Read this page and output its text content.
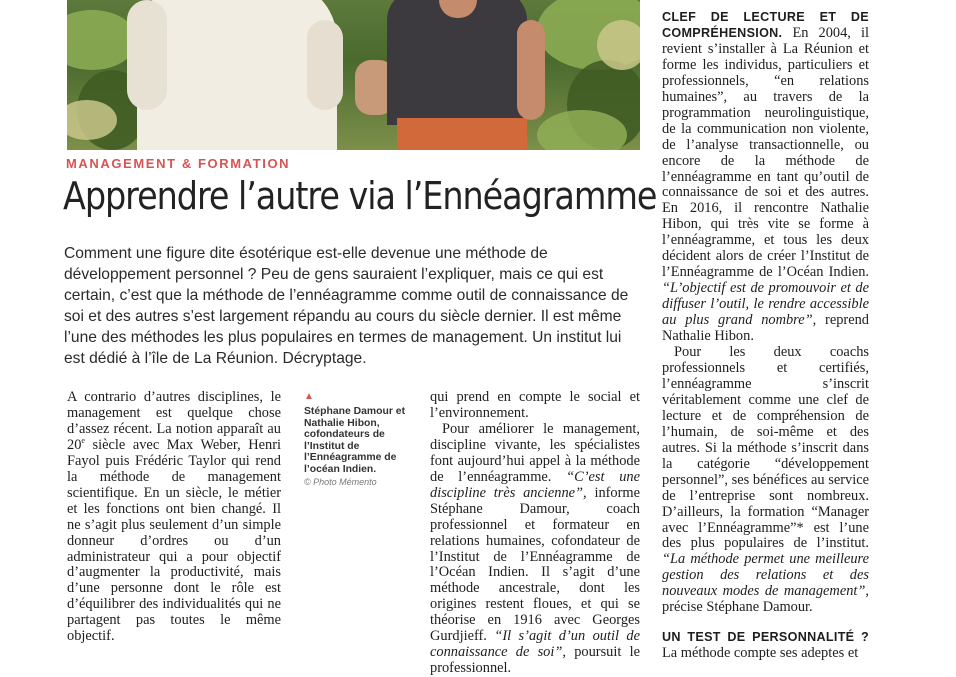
MANAGEMENT & FORMATION
Apprendre l’autre via l’Ennéagramme
Comment une figure dite ésotérique est-elle devenue une méthode de développement personnel ? Peu de gens sauraient l’expliquer, mais ce qui est certain, c’est que la méthode de l’ennéagramme comme outil de connaissance de soi et des autres s’est largement répandu au cours du siècle dernier. Il est même l’une des méthodes les plus populaires en termes de management. Un institut lui est dédié à l’île de La Réunion. Décryptage.

A contrario d’autres disciplines, le management est quelque chose d’assez récent. La notion apparaît au 20e siècle avec Max Weber, Henri Fayol puis Frédéric Taylor qui rend la méthode de management scientifique. En un siècle, le métier et les fonctions ont bien changé. Il ne s’agit plus seulement d’un simple donneur d’ordres ou d’un administrateur qui a pour objectif d’augmenter la productivité, mais d’une personne dont le rôle est d’équilibrer des individualités qui ne partagent pas toutes le même objectif.

▲
Stéphane Damour et Nathalie Hibon, cofondateurs de l’Institut de l’Ennéagramme de l’océan Indien.
© Photo Mémento

qui prend en compte le social et l’environnement.

Pour améliorer le management, discipline vivante, les spécialistes font aujourd’hui appel à la méthode de l’ennéagramme. “C’est une discipline très ancienne”, informe Stéphane Damour, coach professionnel et formateur en relations humaines, cofondateur de l’Institut de l’Ennéagramme de l’Océan Indien. Il s’agit d’une méthode ancestrale, dont les origines restent floues, et qui se théorise en 1916 avec Georges Gurdjieff. “Il s’agit d’un outil de connaissance de soi”, poursuit le professionnel.

CLEF DE LECTURE ET DE COMPRÉHENSION. En 2004, il revient s’installer à La Réunion et forme les individus, particuliers et professionnels, “en relations humaines”, au travers de la programmation neurolinguistique, de la communication non violente, de l’analyse transactionnelle, ou encore de la méthode de l’ennéagramme en tant qu’outil de connaissance de soi et des autres. En 2016, il rencontre Nathalie Hibon, qui très vite se forme à l’ennéagramme, et tous les deux décident alors de créer l’Institut de l’Ennéagramme de l’Océan Indien. “L’objectif est de promouvoir et de diffuser l’outil, le rendre accessible au plus grand nombre”, reprend Nathalie Hibon.

Pour les deux coachs professionnels et certifiés, l’ennéagramme s’inscrit véritablement comme une clef de lecture et de compréhension de l’humain, de soi-même et des autres. Si la méthode s’inscrit dans la catégorie “développement personnel”, ses bénéfices au service de l’entreprise sont nombreux. D’ailleurs, la formation “Manager avec l’Ennéagramme”* est l’une des plus populaires de l’institut. “La méthode permet une meilleure gestion des relations et des nouveaux modes de management”, précise Stéphane Damour.

UN TEST DE PERSONNALITÉ ? La méthode compte ses adeptes et
